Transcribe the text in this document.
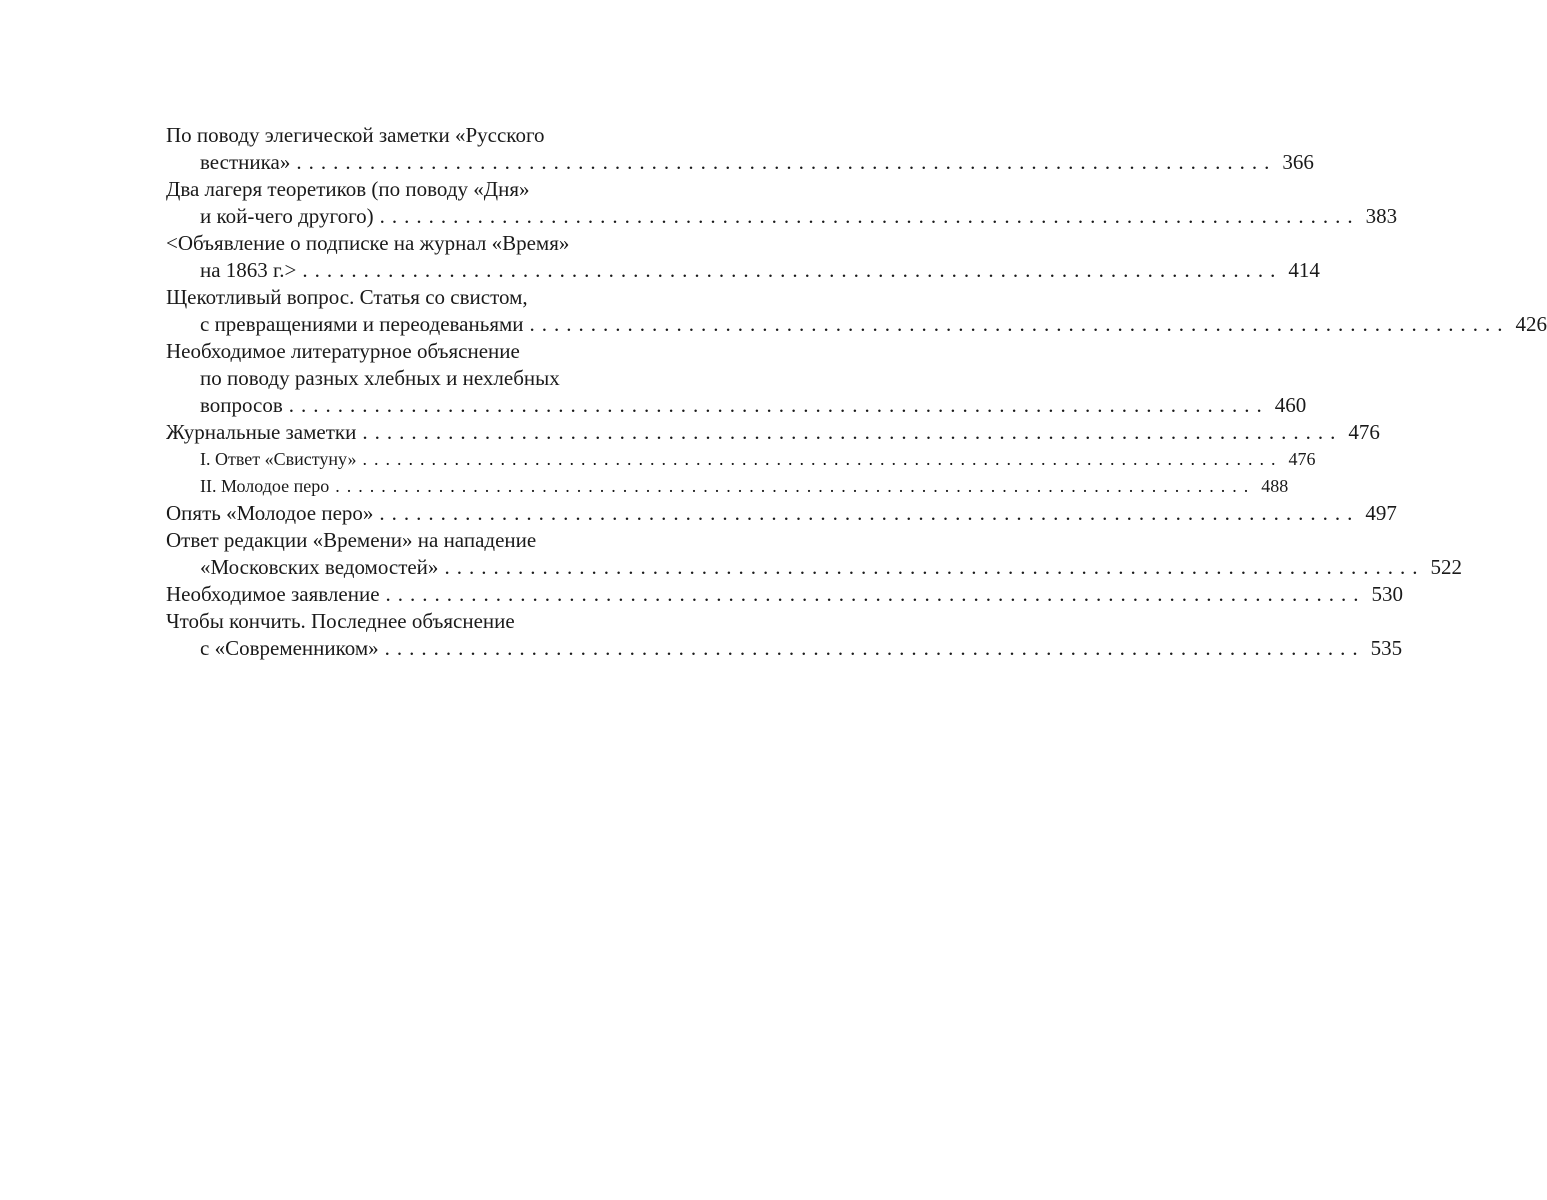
По поводу элегической заметки «Русского
вестника» ................................................................................ 366
Два лагеря теоретиков (по поводу «Дня»
и кой-чего другого) ................................................................................ 383
<Объявление о подписке на журнал «Время»
на 1863 г.> ................................................................................ 414
Щекотливый вопрос. Статья со свистом,
с превращениями и переодеваньями ................................................................................ 426
Необходимое литературное объяснение
по поводу разных хлебных и нехлебных
вопросов ................................................................................ 460
Журнальные заметки ................................................................................ 476
I. Ответ «Свистуну» ................................................................................ 476
II. Молодое перо ................................................................................ 488
Опять «Молодое перо» ................................................................................ 497
Ответ редакции «Времени» на нападение
«Московских ведомостей» ................................................................................ 522
Необходимое заявление ................................................................................ 530
Чтобы кончить. Последнее объяснение
с «Современником» ................................................................................ 535
